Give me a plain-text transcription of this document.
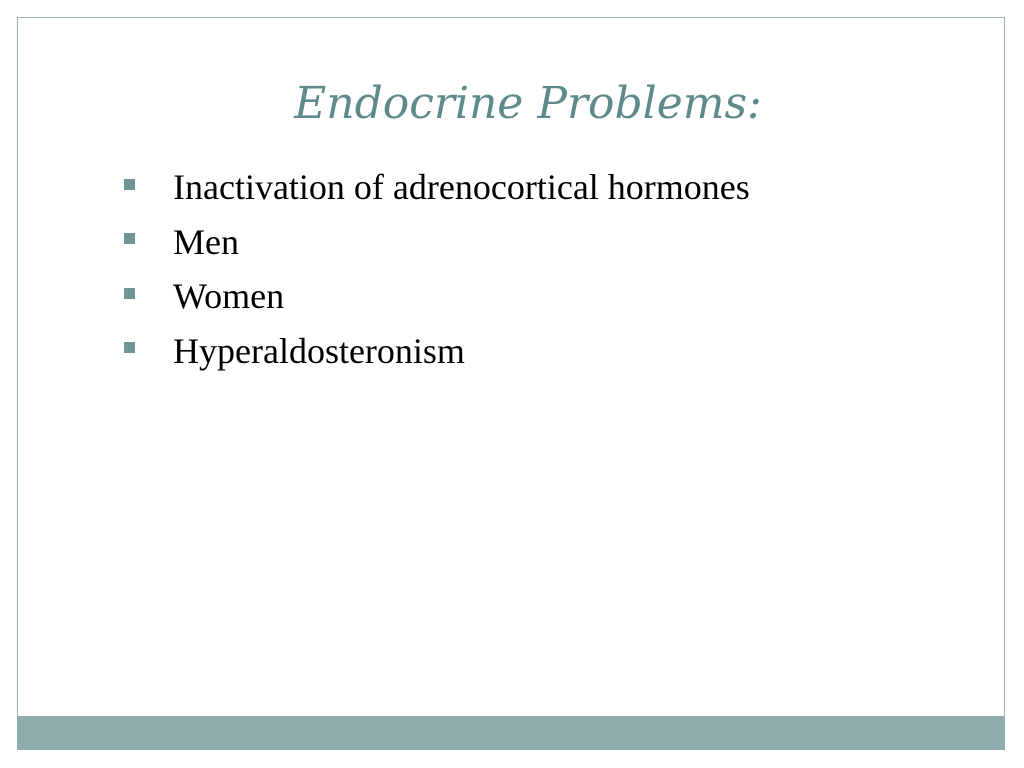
Endocrine Problems:
Inactivation of adrenocortical hormones
Men
Women
Hyperaldosteronism
